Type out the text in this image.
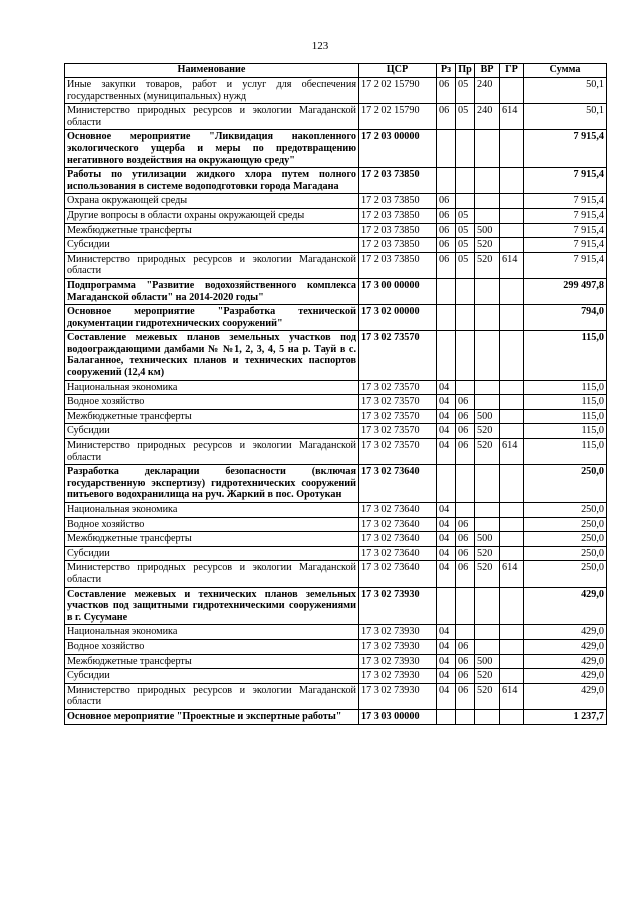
123
Наименование	ЦСР	Рз	Пр	ВР	ГР	Сумма
Иные закупки товаров, работ и услуг для обеспечения государственных (муниципальных) нужд	17 2 02 15790	06	05	240		50,1
Министерство природных ресурсов и экологии Магаданской области	17 2 02 15790	06	05	240	614	50,1
Основное мероприятие "Ликвидация накопленного экологического ущерба и меры по предотвращению негативного воздействия на окружающую среду"	17 2 03 00000					7 915,4
Работы по утилизации жидкого хлора путем полного использования в системе водоподготовки города Магадана	17 2 03 73850					7 915,4
Охрана окружающей среды	17 2 03 73850	06				7 915,4
Другие вопросы в области охраны окружающей среды	17 2 03 73850	06	05			7 915,4
Межбюджетные трансферты	17 2 03 73850	06	05	500		7 915,4
Субсидии	17 2 03 73850	06	05	520		7 915,4
Министерство природных ресурсов и экологии Магаданской области	17 2 03 73850	06	05	520	614	7 915,4
Подпрограмма "Развитие водохозяйственного комплекса Магаданской области" на 2014-2020 годы"	17 3 00 00000					299 497,8
Основное мероприятие "Разработка технической документации гидротехнических сооружений"	17 3 02 00000					794,0
Составление межевых планов земельных участков под водоограждающими дамбами № №1, 2, 3, 4, 5 на р. Тауй в с. Балаганное, технических планов и технических паспортов сооружений (12,4 км)	17 3 02 73570					115,0
Национальная экономика	17 3 02 73570	04				115,0
Водное хозяйство	17 3 02 73570	04	06			115,0
Межбюджетные трансферты	17 3 02 73570	04	06	500		115,0
Субсидии	17 3 02 73570	04	06	520		115,0
Министерство природных ресурсов и экологии Магаданской области	17 3 02 73570	04	06	520	614	115,0
Разработка декларации безопасности (включая государственную экспертизу) гидротехнических сооружений питьевого водохранилища на руч. Жаркий в пос. Оротукан	17 3 02 73640					250,0
Национальная экономика	17 3 02 73640	04				250,0
Водное хозяйство	17 3 02 73640	04	06			250,0
Межбюджетные трансферты	17 3 02 73640	04	06	500		250,0
Субсидии	17 3 02 73640	04	06	520		250,0
Министерство природных ресурсов и экологии Магаданской области	17 3 02 73640	04	06	520	614	250,0
Составление межевых и технических планов земельных участков под защитными гидротехническими сооружениями в г. Сусумане	17 3 02 73930					429,0
Национальная экономика	17 3 02 73930	04				429,0
Водное хозяйство	17 3 02 73930	04	06			429,0
Межбюджетные трансферты	17 3 02 73930	04	06	500		429,0
Субсидии	17 3 02 73930	04	06	520		429,0
Министерство природных ресурсов и экологии Магаданской области	17 3 02 73930	04	06	520	614	429,0
Основное мероприятие "Проектные и экспертные работы"	17 3 03 00000					1 237,7
